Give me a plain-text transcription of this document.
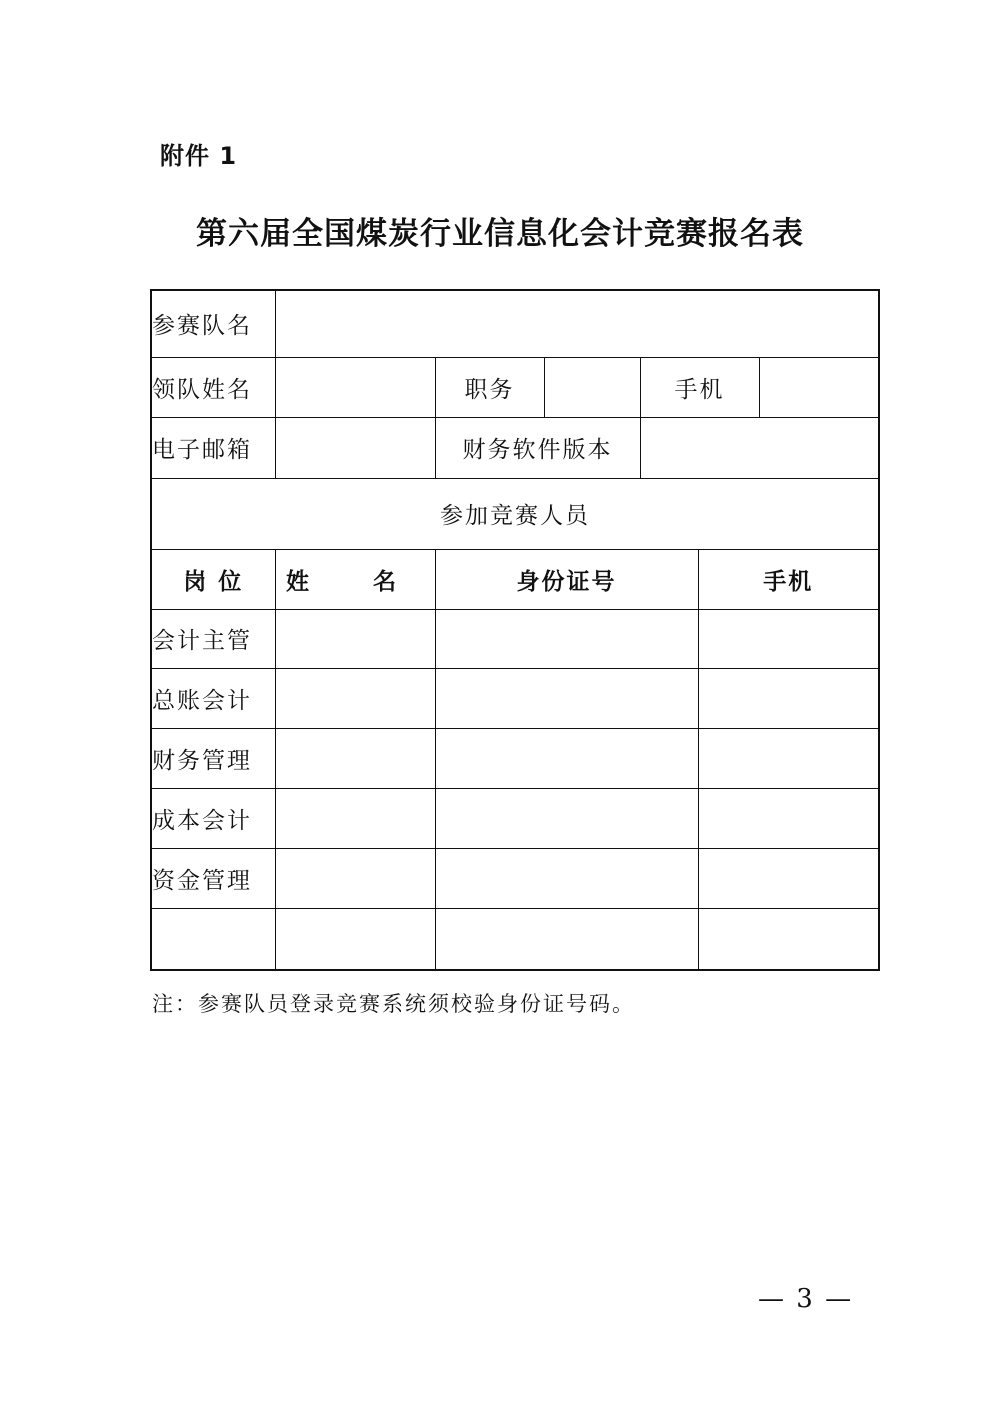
附件 1
第六届全国煤炭行业信息化会计竞赛报名表
参赛队名						
领队姓名		职务		手机		
电子邮箱		财务软件版本				
参加竞赛人员						
岗 位	姓 名	身份证号			手机	
会计主管						
总账会计						
财务管理						
成本会计						
资金管理						

注：参赛队员登录竞赛系统须校验身份证号码。
— 3 —
